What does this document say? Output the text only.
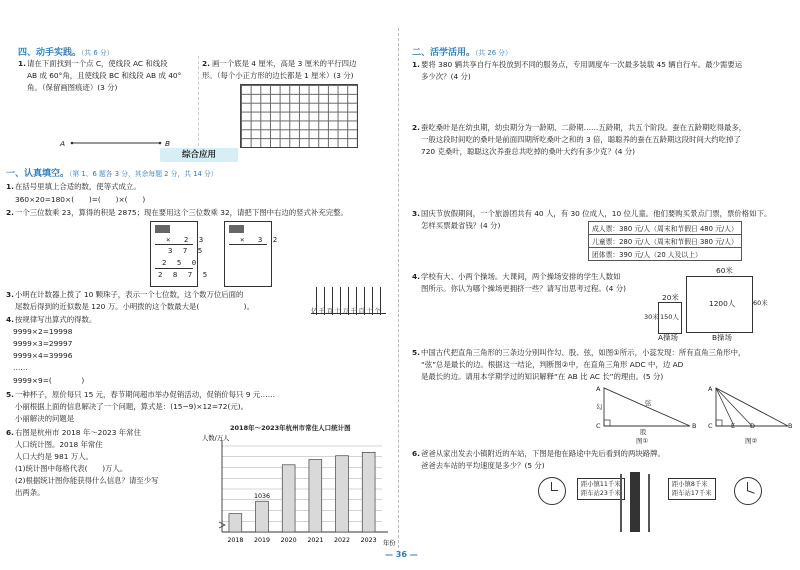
四、动手实践。（共 6 分）
1. 请在下面找到一个点 C，使线段 AC 和线段
AB 成 60°角，且使线段 BC 和线段 AB 成 40°
角。（保留画图痕迹）(3 分)
A	B
2. 画一个底是 4 厘米，高是 3 厘米的平行四边
形。（每个小正方形的边长都是 1 厘米）(3 分)
综合应用
一、认真填空。（第 1、6 题各 3 分，其余每题 2 分，共 14 分）
1. 在括号里填上合适的数，使等式成立。
360×20=180×(　　)=(　　)×(　　)
2. 一个三位数乘 23，算得的积是 2875；现在要用这个三位数乘 32，请把下图中右边的竖式补充完整。
×　2 3
3 7 5
2 5 0
2 8 7 5
×　3 2
3. 小明在计数器上拨了 10 颗珠子，表示一个七位数，这个数万位后面的
尾数后得到的近似数是 120 万。小明拨的这个数最大是(　　　　　　)。
亿 千 百 十 万 千 百 十 个
4. 按规律写出算式的得数。
9999×2=19998
9999×3=29997
9999×4=39996
……
9999×9=(　　　　)
5. 一种杯子，原价每只 15 元，春节期间超市举办促销活动，促销价每只 9 元……
小丽根据上面的信息解决了一个问题，算式是：(15−9)×12=72(元)。
小丽解决的问题是
6. 右图是杭州市 2018 年～2023 年常住
人口统计图。2018 年常住
人口大约是 981 万人。
(1)统计图中每格代表(　　)万人。
(2)根据统计图你能获得什么信息？请至少写
出两条。
2018年～2023年杭州市常住人口统计图
人数/万人
年份
2018 2019
1036
2020 2021 2022 2023
二、活学活用。（共 26 分）
1. 要将 380 辆共享自行车投放到不同的服务点，专用调度车一次最多装载 45 辆自行车。最少需要运
多少次？(4 分)
2. 蚕吃桑叶是在幼虫期，幼虫期分为一龄期、二龄期……五龄期，共五个阶段。蚕在五龄期吃得最多，
一般这段时间吃的桑叶是前面四期所吃桑叶之和的 3 倍，聪聪养的蚕在五龄期这段时间大约吃掉了
720 克桑叶，聪聪这次养蚕总共吃掉的桑叶大约有多少克？(4 分)
3. 国庆节放假期间，一个旅游团共有 40 人，有 30 位成人，10 位儿童。他们要购买景点门票，票价格如下。
怎样买票最省钱？(4 分)	成人票：380 元/人（周末和节假日 480 元/人）
儿童票：280 元/人（周末和节假日 380 元/人）
团体票：390 元/人（20 人及以上）
4. 学校有大、小两个操场。大课间，两个操场安排的学生人数如
图所示。你认为哪个操场更拥挤一些？请写出思考过程。(4 分)
20米
150人
30米
A操场
60米
1200人	60米
B操场
5. 中国古代把直角三角形的三条边分别叫作勾、股、弦，如图①所示，小蕊发现：所有直角三角形中，
“弦”总是最长的边。根据这一结论，判断图②中，在直角三角形 ADC 中，边 AD
是最长的边。请用本学期学过的知识解释“在 AB 比 AC 长”的理由。(5 分)
A
C	B
勾
股
弦
图①
A
C	E D	B
图②
6. 爸爸从家出发去小镇附近的车站，下图是他在路途中先后看到的两块路牌。
爸爸去车站的平均速度是多少？(5 分)
距小镇11千米
距车站23千米
距小镇8千米
距车站17千米
— 36 —
